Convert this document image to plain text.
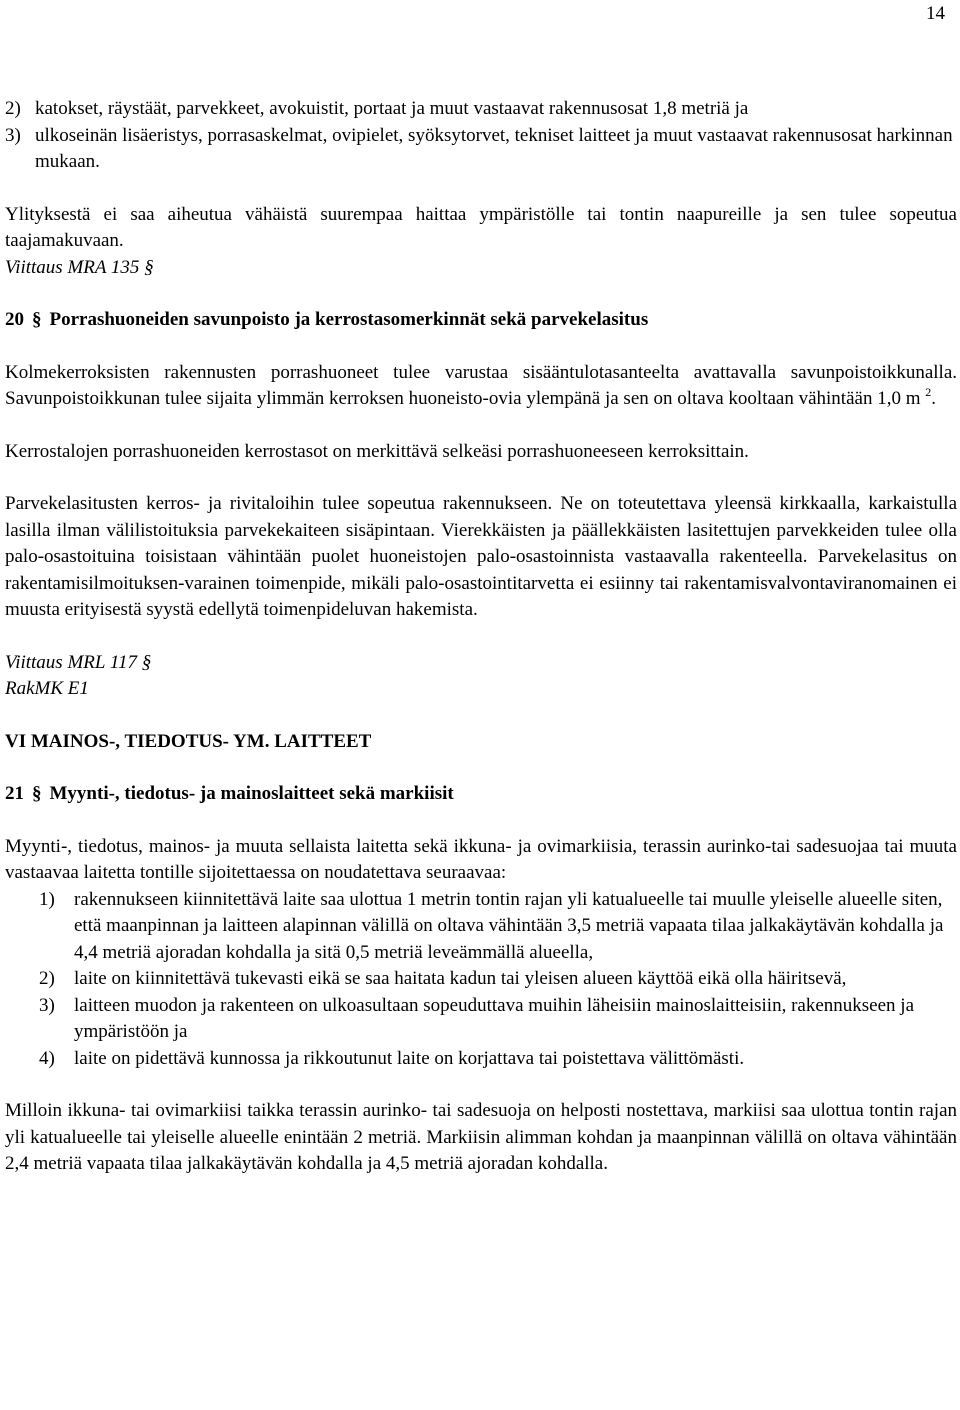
14
2) katokset, räystäät, parvekkeet, avokuistit, portaat ja muut vastaavat rakennusosat 1,8 metriä ja
3) ulkoseinän lisäeristys, porrasaskelmat, ovipielet, syöksytorvet, tekniset laitteet ja muut vastaavat rakennusosat harkinnan mukaan.

Ylityksestä ei saa aiheutua vähäistä suurempaa haittaa ympäristölle tai tontin naapureille ja sen tulee sopeutua taajamakuvaan.

Viittaus MRA 135 §

20 § Porrashuoneiden savunpoisto ja kerrostasomerkinnät sekä parvekelasitus

Kolmekerroksisten rakennusten porrashuoneet tulee varustaa sisääntulotasanteelta avattavalla savunpoistoikkunalla. Savunpoistoikkunan tulee sijaita ylimmän kerroksen huoneisto-ovia ylempänä ja sen on oltava kooltaan vähintään 1,0 m $^2$.

Kerrostalojen porrashuoneiden kerrostasot on merkittävä selkeäsi porrashuoneeseen kerroksittain.

Parvekelasitusten kerros- ja rivitaloihin tulee sopeutua rakennukseen. Ne on toteutettava yleensä kirkkaalla, karkaistulla lasilla ilman välilistoituksia parvekekaiteen sisäpintaan. Vierekkäisten ja päällekkäisten lasitettujen parvekkeiden tulee olla palo-osastoituina toisistaan vähintään puolet huoneistojen palo-osastoinnista vastaavalla rakenteella. Parvekelasitus on rakentamisilmoituksen-varainen toimenpide, mikäli palo-osastointitarvetta ei esiinny tai rakentamisvalvontaviranomainen ei muusta erityisestä syystä edellytä toimenpideluvan hakemista.

Viittaus MRL 117 §

RakMK E1

VI MAINOS-, TIEDOTUS- YM. LAITTEET

21 § Myynti-, tiedotus- ja mainoslaitteet sekä markiisit

Myynti-, tiedotus, mainos- ja muuta sellaista laitetta sekä ikkuna- ja ovimarkiisia, terassin aurinko-tai sadesuojaa tai muuta vastaavaa laitetta tontille sijoitettaessa on noudatettava seuraavaa:

1)	rakennukseen kiinnitettävä laite saa ulottua 1 metrin tontin rajan yli katualueelle tai muulle yleiselle alueelle siten, että maanpinnan ja laitteen alapinnan välillä on oltava vähintään 3,5 metriä vapaata tilaa jalkakäytävän kohdalla ja 4,4 metriä ajoradan kohdalla ja sitä 0,5 metriä leveämmällä alueella,
2)	laite on kiinnitettävä tukevasti eikä se saa haitata kadun tai yleisen alueen käyttöä eikä olla häiritsevä,
3)	laitteen muodon ja rakenteen on ulkoasultaan sopeuduttava muihin läheisiin mainoslaitteisiin, rakennukseen ja ympäristöön ja
4)	laite on pidettävä kunnossa ja rikkoutunut laite on korjattava tai poistettava välittömästi.

Milloin ikkuna- tai ovimarkiisi taikka terassin aurinko- tai sadesuoja on helposti nostettava, markiisi saa ulottua tontin rajan yli katualueelle tai yleiselle alueelle enintään 2 metriä. Markiisin alimman kohdan ja maanpinnan välillä on oltava vähintään 2,4 metriä vapaata tilaa jalkakäytävän kohdalla ja 4,5 metriä ajoradan kohdalla.
